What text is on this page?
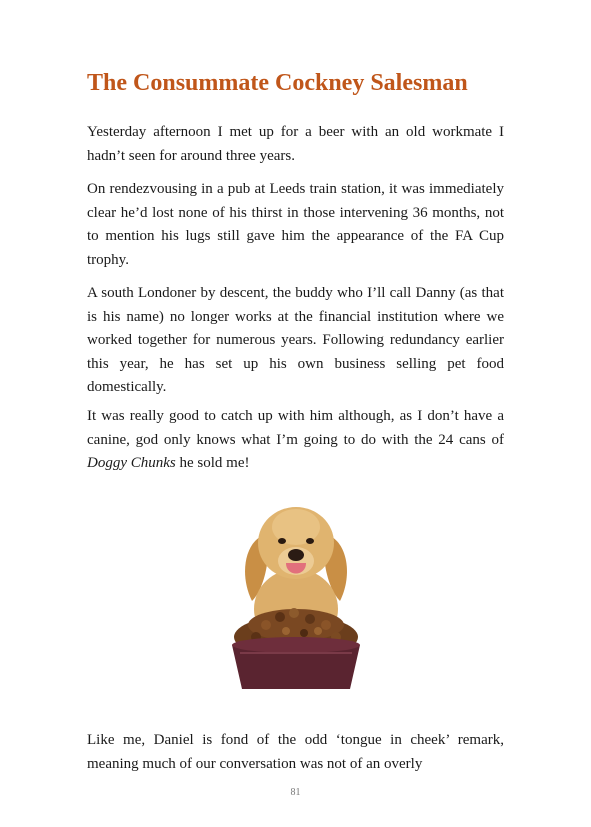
The Consummate Cockney Salesman
Yesterday afternoon I met up for a beer with an old workmate I hadn’t seen for around three years.
On rendezvousing in a pub at Leeds train station, it was immediately clear he’d lost none of his thirst in those intervening 36 months, not to mention his lugs still gave him the appearance of the FA Cup trophy.
A south Londoner by descent, the buddy who I’ll call Danny (as that is his name) no longer works at the financial institution where we worked together for numerous years. Following redundancy earlier this year, he has set up his own business selling pet food domestically.
It was really good to catch up with him although, as I don’t have a canine, god only knows what I’m going to do with the 24 cans of Doggy Chunks he sold me!
Like me, Daniel is fond of the odd ‘tongue in cheek’ remark, meaning much of our conversation was not of an overly
81
